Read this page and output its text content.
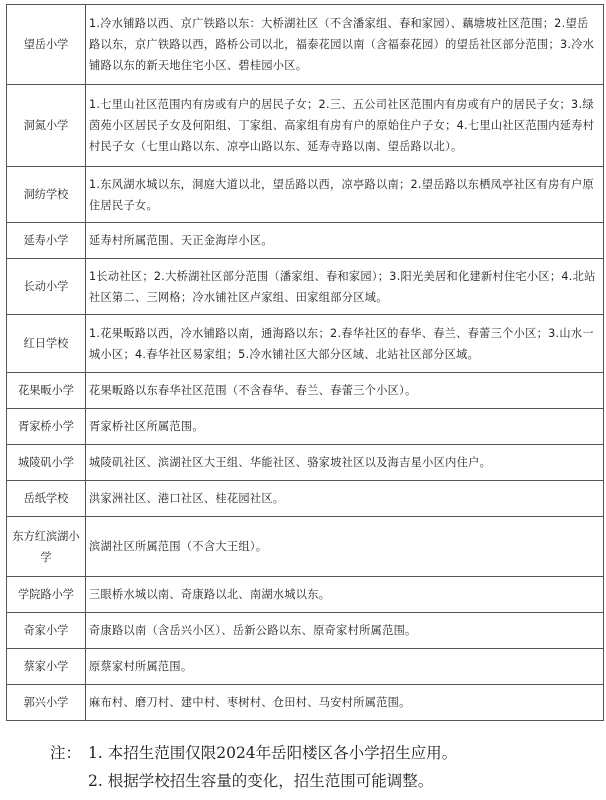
望岳小学	1.冷水铺路以西、京广铁路以东：大桥湖社区（不含潘家组、春和家园）、藕塘坡社区范围；2.望岳路以东，京广铁路以西，路桥公司以北，福泰花园以南（含福泰花园）的望岳社区部分范围；3.冷水铺路以东的新天地住宅小区、碧桂园小区。
洞氮小学	1.七里山社区范围内有房或有户的居民子女；2.三、五公司社区范围内有房或有户的居民子女；3.绿茵苑小区居民子女及何阳组、丁家组、高家组有房有户的原始住户子女；4.七里山社区范围内延寿村村民子女（七里山路以东、凉亭山路以东、延寿寺路以南、望岳路以北）。
洞纺学校	1.东风湖水城以东，洞庭大道以北，望岳路以西，凉亭路以南；2.望岳路以东栖凤亭社区有房有户原住居民子女。
延寿小学	延寿村所属范围、天正金海岸小区。
长动小学	1长动社区；2.大桥湖社区部分范围（潘家组、春和家园）；3.阳光美居和化建新村住宅小区；4.北站社区第二、三网格；冷水铺社区卢家组、田家组部分区域。
红日学校	1.花果畈路以西，冷水铺路以南，通海路以东；2.春华社区的春华、春兰、春蕾三个小区；3.山水一城小区；4.春华社区易家组；5.冷水铺社区大部分区域、北站社区部分区域。
花果畈小学	花果畈路以东春华社区范围（不含春华、春兰、春蕾三个小区）。
胥家桥小学	胥家桥社区所属范围。
城陵矶小学	城陵矶社区、滨湖社区大王组、华能社区、骆家坡社区以及海吉星小区内住户。
岳纸学校	洪家洲社区、港口社区、桂花园社区。
东方红滨湖小学	滨湖社区所属范围（不含大王组）。
学院路小学	三眼桥水城以南、奇康路以北、南湖水城以东。
奇家小学	奇康路以南（含岳兴小区）、岳新公路以东、原奇家村所属范围。
蔡家小学	原蔡家村所属范围。
郭兴小学	麻布村、磨刀村、建中村、枣树村、仓田村、马安村所属范围。
注： 1. 本招生范围仅限2024年岳阳楼区各小学招生应用。
2. 根据学校招生容量的变化，招生范围可能调整。
